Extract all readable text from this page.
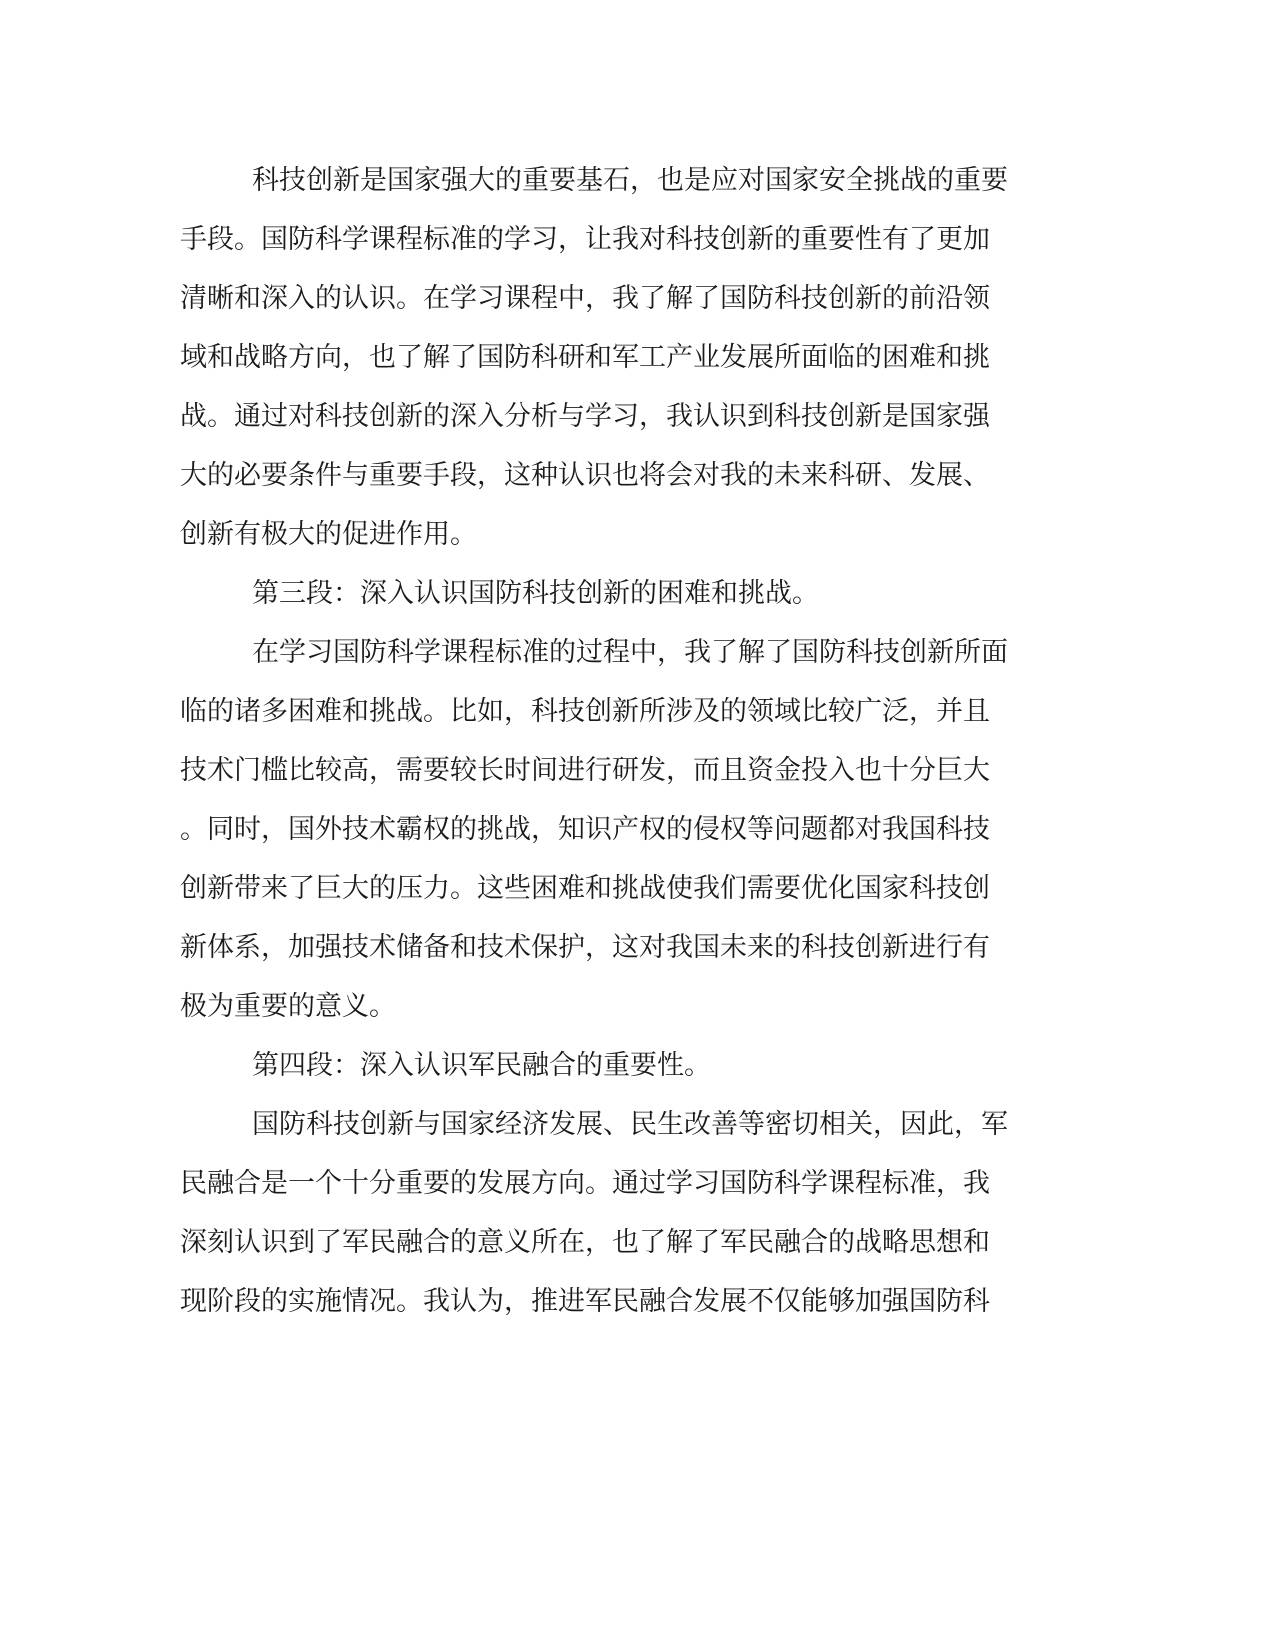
科技创新是国家强大的重要基石，也是应对国家安全挑战的重要
手段。国防科学课程标准的学习，让我对科技创新的重要性有了更加
清晰和深入的认识。在学习课程中，我了解了国防科技创新的前沿领
域和战略方向，也了解了国防科研和军工产业发展所面临的困难和挑
战。通过对科技创新的深入分析与学习，我认识到科技创新是国家强
大的必要条件与重要手段，这种认识也将会对我的未来科研、发展、
创新有极大的促进作用。
第三段：深入认识国防科技创新的困难和挑战。
在学习国防科学课程标准的过程中，我了解了国防科技创新所面
临的诸多困难和挑战。比如，科技创新所涉及的领域比较广泛，并且
技术门槛比较高，需要较长时间进行研发，而且资金投入也十分巨大
。同时，国外技术霸权的挑战，知识产权的侵权等问题都对我国科技
创新带来了巨大的压力。这些困难和挑战使我们需要优化国家科技创
新体系，加强技术储备和技术保护，这对我国未来的科技创新进行有
极为重要的意义。
第四段：深入认识军民融合的重要性。
国防科技创新与国家经济发展、民生改善等密切相关，因此，军
民融合是一个十分重要的发展方向。通过学习国防科学课程标准，我
深刻认识到了军民融合的意义所在，也了解了军民融合的战略思想和
现阶段的实施情况。我认为，推进军民融合发展不仅能够加强国防科
